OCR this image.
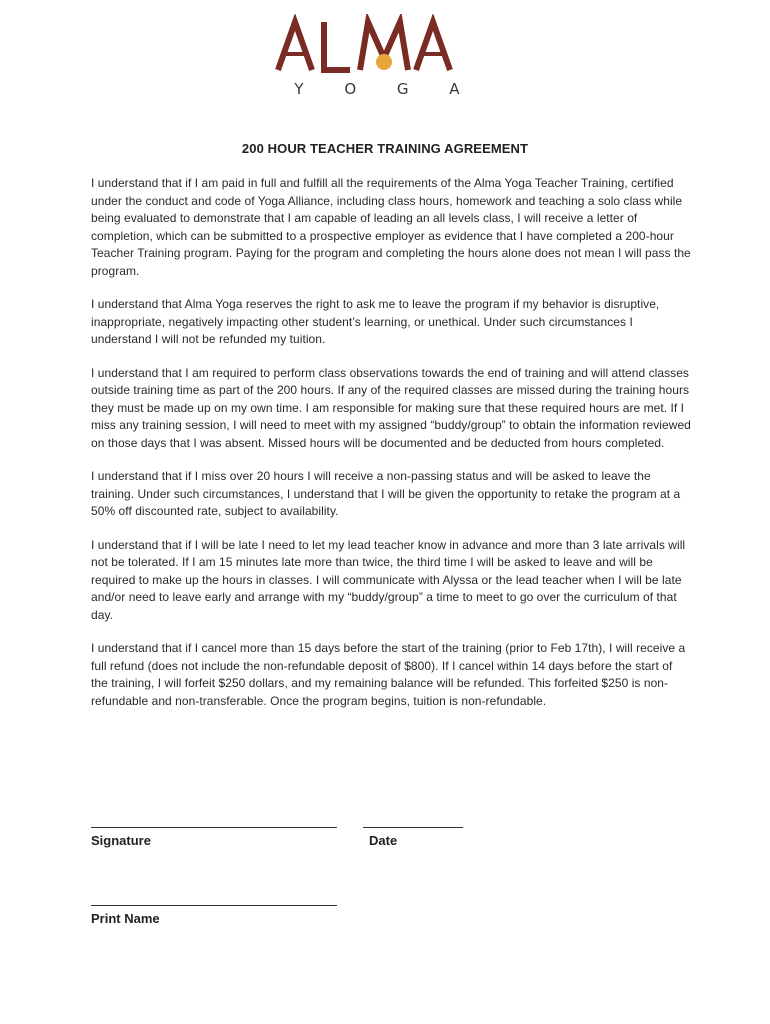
Y O G A
200 HOUR TEACHER TRAINING AGREEMENT

I understand that if I am paid in full and fulfill all the requirements of the Alma Yoga Teacher Training, certified under the conduct and code of Yoga Alliance, including class hours, homework and teaching a solo class while being evaluated to demonstrate that I am capable of leading an all levels class, I will receive a letter of completion, which can be submitted to a prospective employer as evidence that I have completed a 200-hour Teacher Training program. Paying for the program and completing the hours alone does not mean I will pass the program.

I understand that Alma Yoga reserves the right to ask me to leave the program if my behavior is disruptive, inappropriate, negatively impacting other student’s learning, or unethical. Under such circumstances I understand I will not be refunded my tuition.

I understand that I am required to perform class observations towards the end of training and will attend classes outside training time as part of the 200 hours. If any of the required classes are missed during the training hours they must be made up on my own time. I am responsible for making sure that these required hours are met. If I miss any training session, I will need to meet with my assigned “buddy/group” to obtain the information reviewed on those days that I was absent. Missed hours will be documented and be deducted from hours completed.

I understand that if I miss over 20 hours I will receive a non-passing status and will be asked to leave the training. Under such circumstances, I understand that I will be given the opportunity to retake the program at a 50% off discounted rate, subject to availability.

I understand that if I will be late I need to let my lead teacher know in advance and more than 3 late arrivals will not be tolerated. If I am 15 minutes late more than twice, the third time I will be asked to leave and will be required to make up the hours in classes. I will communicate with Alyssa or the lead teacher when I will be late and/or need to leave early and arrange with my “buddy/group” a time to meet to go over the curriculum of that day.

I understand that if I cancel more than 15 days before the start of the training (prior to Feb 17th), I will receive a full refund (does not include the non-refundable deposit of $800). If I cancel within 14 days before the start of the training, I will forfeit $250 dollars, and my remaining balance will be refunded. This forfeited $250 is non-refundable and non-transferable. Once the program begins, tuition is non-refundable.

Signature	Date
Print Name
